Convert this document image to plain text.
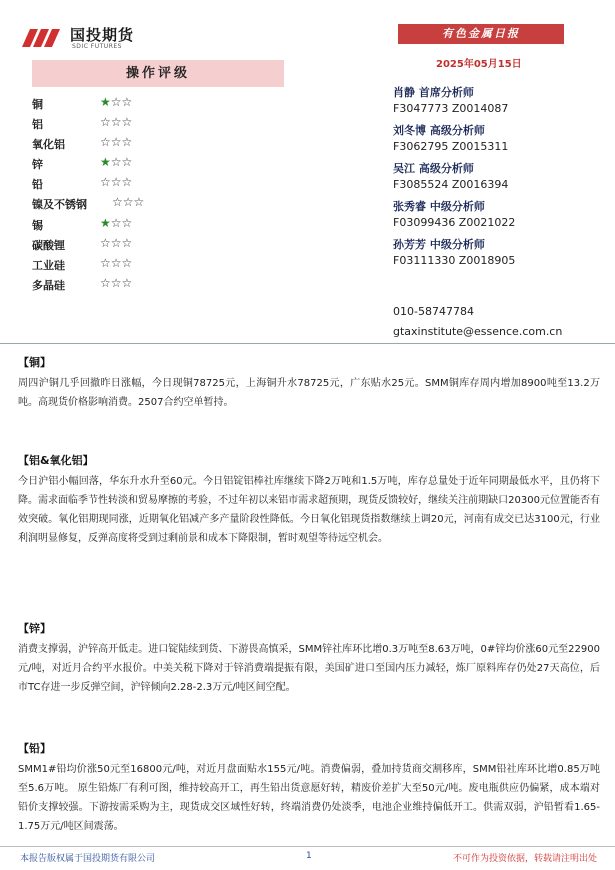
国投期货
SDIC FUTURES
有色金属日报
2025年05月15日
操作评级
铜	★☆☆
铝	☆☆☆
氧化铝	☆☆☆
锌	★☆☆
铅	☆☆☆
镍及不锈钢 ☆☆☆
锡	★☆☆
碳酸锂	☆☆☆
工业硅	☆☆☆
多晶硅	☆☆☆
肖静 首席分析师
F3047773 Z0014087
刘冬博 高级分析师
F3062795 Z0015311
吴江 高级分析师
F3085524 Z0016394
张秀睿 中级分析师
F03099436 Z0021022
孙芳芳 中级分析师
F03111330 Z0018905
010-58747784
gtaxinstitute@essence.com.cn
【铜】
周四沪铜几乎回撤昨日涨幅，今日现铜78725元，上海铜升水78725元，广东贴水25元。SMM铜库存周内增加8900吨至13.2万吨。高现货价格影响消费。2507合约空单暂持。
【铝&氧化铝】
今日沪铝小幅回落，华东升水升至60元。今日铝锭铝棒社库继续下降2万吨和1.5万吨，库存总量处于近年同期最低水平，且仍将下降。需求面临季节性转淡和贸易摩擦的考验，不过年初以来铝市需求超预期，现货反馈较好，继续关注前期缺口20300元位置能否有效突破。氧化铝期现同涨，近期氧化铝减产多产量阶段性降低。今日氧化铝现货指数继续上调20元，河南有成交已达3100元，行业利润明显修复，反弹高度将受到过剩前景和成本下降限制，暂时观望等待远空机会。
【锌】
消费支撑弱，沪锌高开低走。进口锭陆续到货、下游畏高慎采，SMM锌社库环比增0.3万吨至8.63万吨，0#锌均价涨60元至22900元/吨，对近月合约平水报价。中美关税下降对于锌消费端提振有限，美国矿进口至国内压力减轻，炼厂原料库存仍处27天高位，后市TC存进一步反弹空间，沪锌倾向2.28-2.3万元/吨区间空配。
【铅】
SMM1#铅均价涨50元至16800元/吨，对近月盘面贴水155元/吨。消费偏弱，叠加持货商交割移库，SMM铅社库环比增0.85万吨至5.6万吨。 原生铅炼厂有利可图，维持较高开工，再生铅出货意愿好转，精废价差扩大至50元/吨。废电瓶供应仍偏紧，成本端对铅价支撑较强。下游按需采购为主，现货成交区域性好转，终端消费仍处淡季，电池企业维持偏低开工。供需双弱，沪铅暂看1.65-1.75万元/吨区间震荡。
本报告版权属于国投期货有限公司	1	不可作为投资依据，转载请注明出处
